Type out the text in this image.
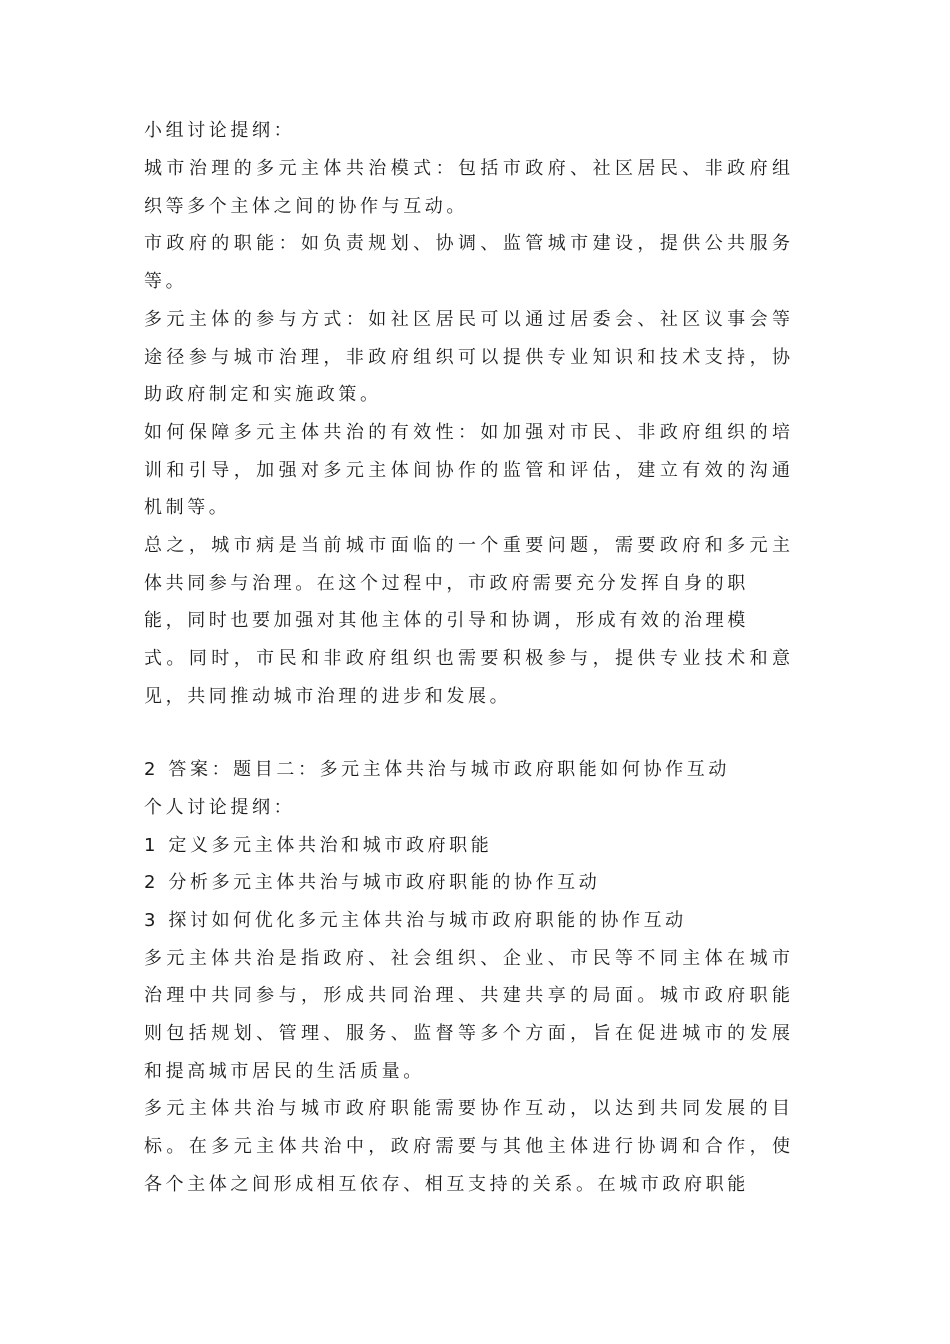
小组讨论提纲：

城市治理的多元主体共治模式：包括市政府、社区居民、非政府组

织等多个主体之间的协作与互动。

市政府的职能：如负责规划、协调、监管城市建设，提供公共服务

等。

多元主体的参与方式：如社区居民可以通过居委会、社区议事会等

途径参与城市治理，非政府组织可以提供专业知识和技术支持，协

助政府制定和实施政策。

如何保障多元主体共治的有效性：如加强对市民、非政府组织的培

训和引导，加强对多元主体间协作的监管和评估，建立有效的沟通

机制等。

总之，城市病是当前城市面临的一个重要问题，需要政府和多元主

体共同参与治理。在这个过程中，市政府需要充分发挥自身的职

能，同时也要加强对其他主体的引导和协调，形成有效的治理模

式。同时，市民和非政府组织也需要积极参与，提供专业技术和意

见，共同推动城市治理的进步和发展。

2 答案：题目二：多元主体共治与城市政府职能如何协作互动

个人讨论提纲：

1 定义多元主体共治和城市政府职能

2 分析多元主体共治与城市政府职能的协作互动

3 探讨如何优化多元主体共治与城市政府职能的协作互动

多元主体共治是指政府、社会组织、企业、市民等不同主体在城市

治理中共同参与，形成共同治理、共建共享的局面。城市政府职能

则包括规划、管理、服务、监督等多个方面，旨在促进城市的发展

和提高城市居民的生活质量。

多元主体共治与城市政府职能需要协作互动，以达到共同发展的目

标。在多元主体共治中，政府需要与其他主体进行协调和合作，使

各个主体之间形成相互依存、相互支持的关系。在城市政府职能
